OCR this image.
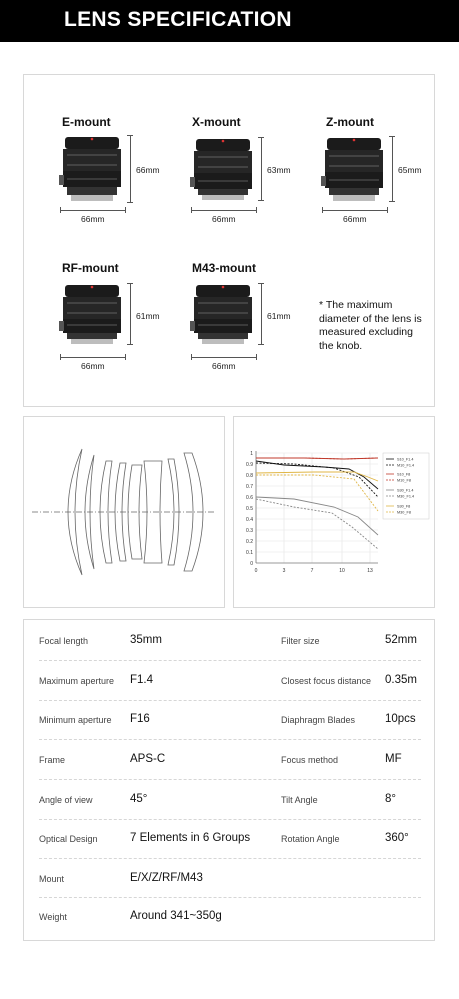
LENS SPECIFICATION
E-mount
66mm
66mm
X-mount
63mm
66mm
Z-mount
65mm
66mm
RF-mount
61mm
66mm
M43-mount
61mm
66mm
* The maximum diameter of the lens is measured excluding the knob.
1
0.9
0.8
0.7
0.6
0.5
0.4
0.3
0.2
0.1
0
0	3	7	10	13
S10_F1.4
M10_F1.4
S10_F8
M10_F8
S30_F1.4
M30_F1.4
S30_F8
M30_F8
Focal length	35mm	Filter size	52mm
Maximum aperture F1.4	Closest focus distance 0.35m
Minimum aperture F16	Diaphragm Blades	10pcs
Frame	APS-C	Focus method	MF
Angle of view	45°	Tilt Angle	8°
Optical Design	7 Elements in 6 Groups	Rotation Angle	360°
Mount	E/X/Z/RF/M43
Weight	Around 341~350g
